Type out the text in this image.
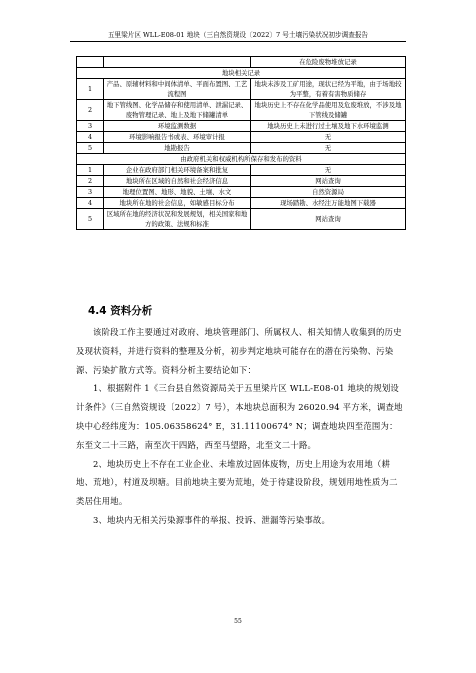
五里梁片区 WLL-E08-01 地块（三自然资规设〔2022〕7 号土壤污染状况初步调查报告
		在危险废物堆放记录
地块相关记录		
1	产品、原辅材料和中间体清单、平面布置图、工艺流程图	地块未涉及工矿用途，现状已经为平地，由于场地较为平整，有着有害物质储存
2	地下管线图、化学品储存和使用清单、泄漏记录、废物管理记录、地上及地下储罐清单	地块历史上不存在化学品使用及危废堆放，不涉及地下管线及储罐
3	环境监测数据	地块历史上未进行过土壤及地下水环境监测
4	环境影响报告书或表、环境审计报	无
5	地勘报告	无
由政府机关和权威机构所保存和发布的资料		
1	企业在政府部门相关环境备案和批复	无
2	地块所在区域的自然和社会经济信息	网站查询
3	地理位置图、地形、地貌、土壤、水文	自然资源局
4	地块所在地的社会信息，如敏感目标分布	现场踏勘、水经注万能地图下载器
5	区域所在地的经济状况和发展规划，相关国家和地方的政策、法规和标准	网站查询
4.4 资料分析

该阶段工作主要通过对政府、地块管理部门、所属权人、相关知情人收集到的历史及现状资料，并进行资料的整理及分析，初步判定地块可能存在的潜在污染物、污染源、污染扩散方式等。资料分析主要结论如下：

1、根据附件 1《三台县自然资源局关于五里梁片区 WLL-E08-01 地块的规划设计条件》（三自然资规设〔2022〕7 号），本地块总面积为 26020.94 平方米，调查地块中心经纬度为：105.06358624° E，31.11100674° N；调查地块四至范围为：东至文二十三路，南至次干四路，西至马望路，北至文二十路。

2、地块历史上不存在工业企业、未堆放过固体废物，历史上用途为农用地（耕地、荒地），村道及坝塘。目前地块主要为荒地，处于待建设阶段，规划用地性质为二类居住用地。

3、地块内无相关污染源事件的举报、投诉、泄漏等污染事故。

55
